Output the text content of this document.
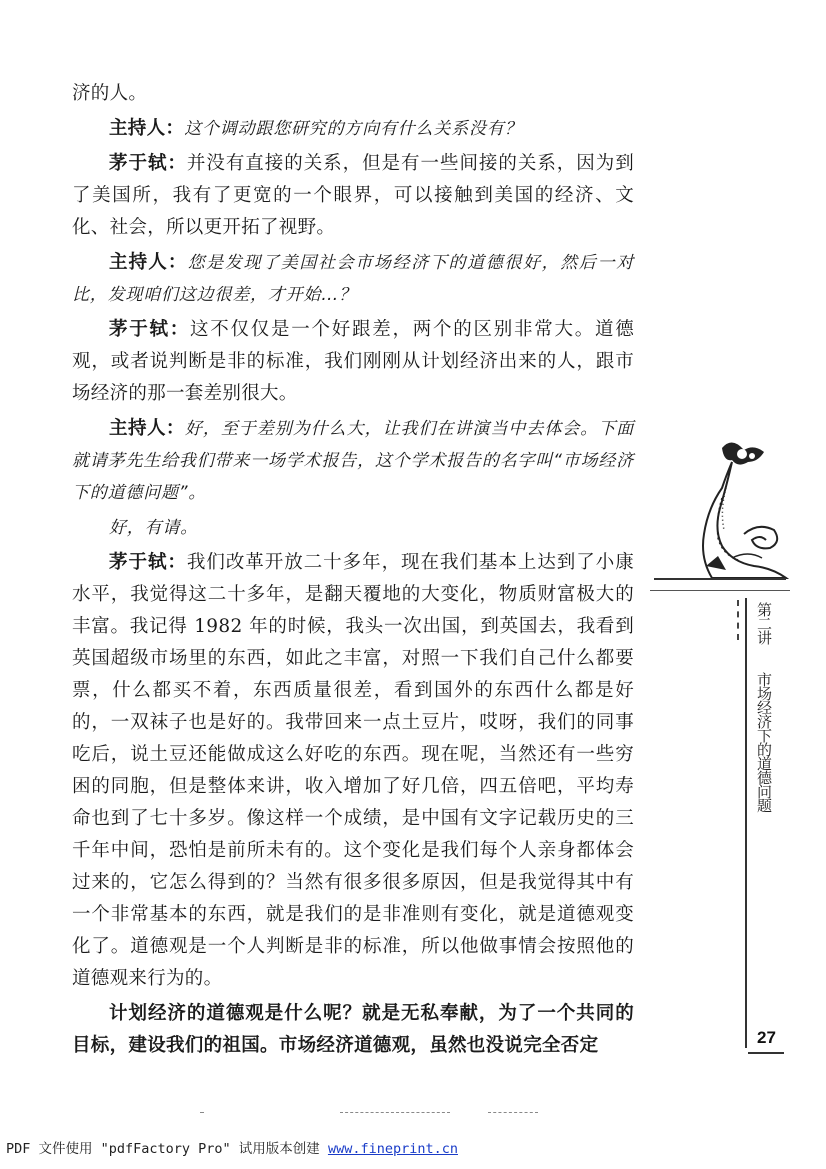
济的人。

主持人：这个调动跟您研究的方向有什么关系没有？

茅于轼：并没有直接的关系，但是有一些间接的关系，因为到了美国所，我有了更宽的一个眼界，可以接触到美国的经济、文化、社会，所以更开拓了视野。

主持人：您是发现了美国社会市场经济下的道德很好，然后一对比，发现咱们这边很差，才开始…？

茅于轼：这不仅仅是一个好跟差，两个的区别非常大。道德观，或者说判断是非的标准，我们刚刚从计划经济出来的人，跟市场经济的那一套差别很大。

主持人：好，至于差别为什么大，让我们在讲演当中去体会。下面就请茅先生给我们带来一场学术报告，这个学术报告的名字叫“市场经济下的道德问题”。

好，有请。

茅于轼：我们改革开放二十多年，现在我们基本上达到了小康水平，我觉得这二十多年，是翻天覆地的大变化，物质财富极大的丰富。我记得 1982 年的时候，我头一次出国，到英国去，我看到英国超级市场里的东西，如此之丰富，对照一下我们自己什么都要票，什么都买不着，东西质量很差，看到国外的东西什么都是好的，一双袜子也是好的。我带回来一点土豆片，哎呀，我们的同事吃后，说土豆还能做成这么好吃的东西。现在呢，当然还有一些穷困的同胞，但是整体来讲，收入增加了好几倍，四五倍吧，平均寿命也到了七十多岁。像这样一个成绩，是中国有文字记载历史的三千年中间，恐怕是前所未有的。这个变化是我们每个人亲身都体会过来的，它怎么得到的？当然有很多很多原因，但是我觉得其中有一个非常基本的东西，就是我们的是非准则有变化，就是道德观变化了。道德观是一个人判断是非的标准，所以他做事情会按照他的道德观来行为的。

计划经济的道德观是什么呢？就是无私奉献，为了一个共同的目标，建设我们的祖国。市场经济道德观，虽然也没说完全否定

第二讲
市场经济下的道德问题
27
PDF 文件使用 "pdfFactory Pro" 试用版本创建 www.fineprint.cn
